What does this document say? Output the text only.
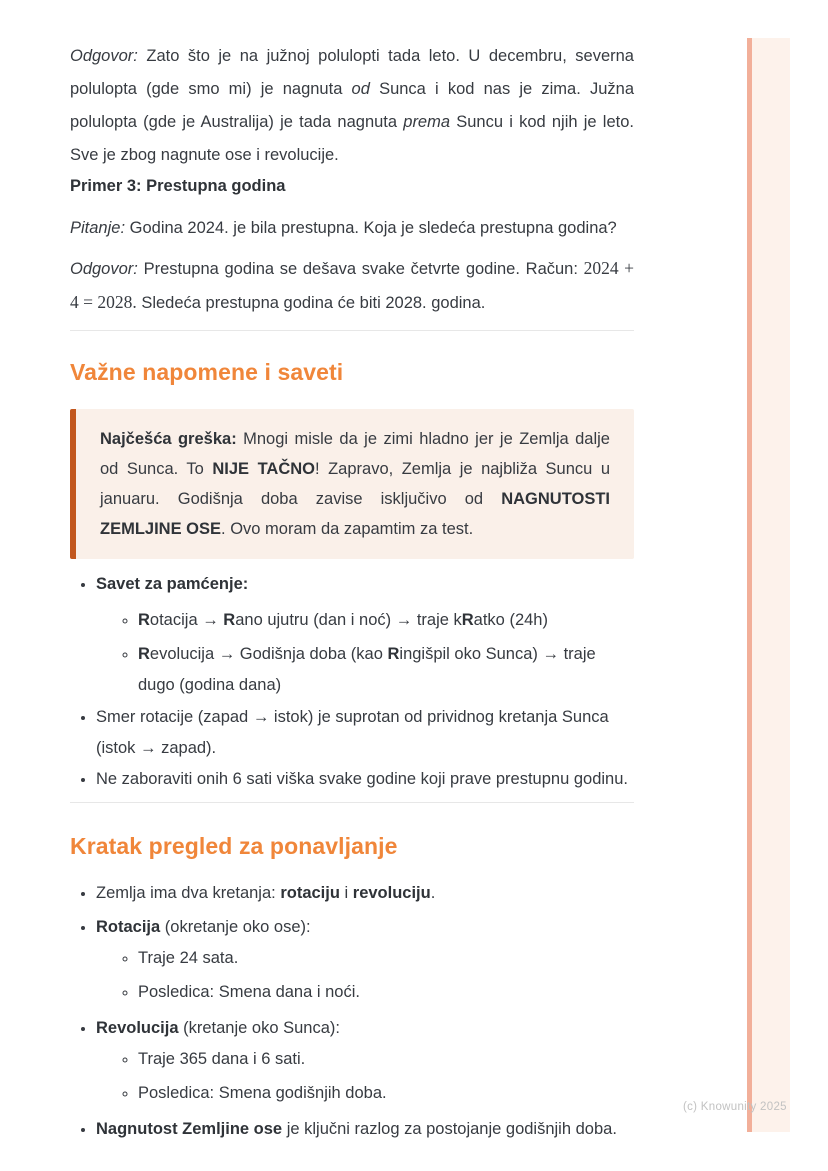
Odgovor: Zato što je na južnoj polulopti tada leto. U decembru, severna polulopta (gde smo mi) je nagnuta od Sunca i kod nas je zima. Južna polulopta (gde je Australija) je tada nagnuta prema Suncu i kod njih je leto. Sve je zbog nagnute ose i revolucije.

Primer 3: Prestupna godina

Pitanje: Godina 2024. je bila prestupna. Koja je sledeća prestupna godina?

Odgovor: Prestupna godina se dešava svake četvrte godine. Račun: 2024 + 4 = 2028. Sledeća prestupna godina će biti 2028. godina.

Važne napomene i saveti
Najčešća greška: Mnogi misle da je zimi hladno jer je Zemlja dalje od Sunca. To NIJE TAČNO! Zapravo, Zemlja je najbliža Suncu u januaru. Godišnja doba zavise isključivo od NAGNUTOSTI ZEMLJINE OSE. Ovo moram da zapamtim za test.
• Savet za pamćenje:
◦ Rotacija → Rano ujutru (dan i noć) → traje kRatko (24h)
◦ Revolucija → Godišnja doba (kao Ringišpil oko Sunca) → traje dugo (godina dana)
• Smer rotacije (zapad → istok) je suprotan od prividnog kretanja Sunca (istok → zapad).
• Ne zaboraviti onih 6 sati viška svake godine koji prave prestupnu godinu.
Kratak pregled za ponavljanje
• Zemlja ima dva kretanja: rotaciju i revoluciju.
• Rotacija (okretanje oko ose):
◦ Traje 24 sata.
◦ Posledica: Smena dana i noći.
• Revolucija (kretanje oko Sunca):
◦ Traje 365 dana i 6 sati.
◦ Posledica: Smena godišnjih doba.
• Nagnutost Zemljine ose je ključni razlog za postojanje godišnjih doba.
(c) Knowunity 2025
